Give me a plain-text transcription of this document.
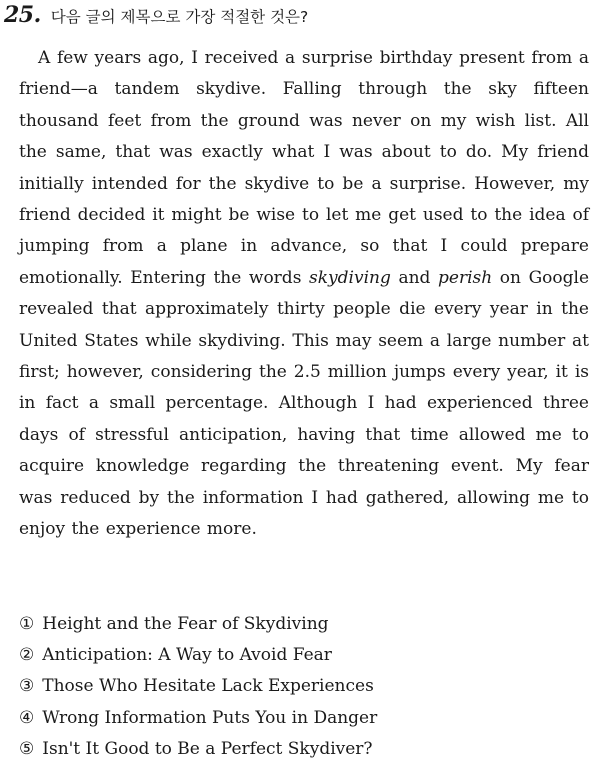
25. 다음 글의 제목으로 가장 적절한 것은?

A few years ago, I received a surprise birthday present from a friend—a tandem skydive. Falling through the sky fifteen thousand feet from the ground was never on my wish list. All the same, that was exactly what I was about to do. My friend initially intended for the skydive to be a surprise. However, my friend decided it might be wise to let me get used to the idea of jumping from a plane in advance, so that I could prepare emotionally. Entering the words skydiving and perish on Google revealed that approximately thirty people die every year in the United States while skydiving. This may seem a large number at first; however, considering the 2.5 million jumps every year, it is in fact a small percentage. Although I had experienced three days of stressful anticipation, having that time allowed me to acquire knowledge regarding the threatening event. My fear was reduced by the information I had gathered, allowing me to enjoy the experience more.

① Height and the Fear of Skydiving
② Anticipation: A Way to Avoid Fear
③ Those Who Hesitate Lack Experiences
④ Wrong Information Puts You in Danger
⑤ Isn't It Good to Be a Perfect Skydiver?
